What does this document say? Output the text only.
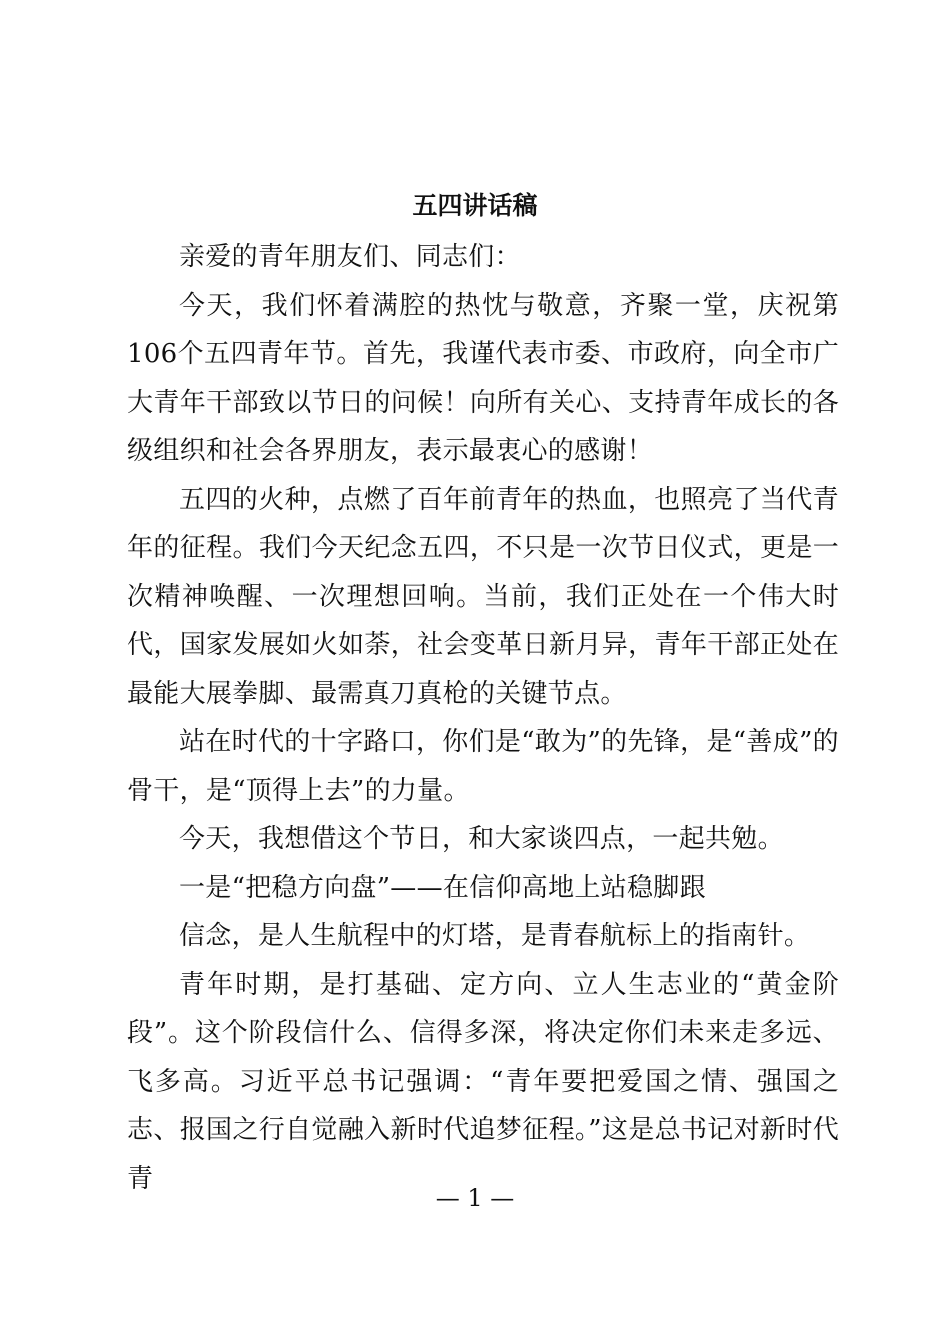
五四讲话稿

亲爱的青年朋友们、同志们：

今天，我们怀着满腔的热忱与敬意，齐聚一堂，庆祝第106个五四青年节。首先，我谨代表市委、市政府，向全市广大青年干部致以节日的问候！向所有关心、支持青年成长的各级组织和社会各界朋友，表示最衷心的感谢！

五四的火种，点燃了百年前青年的热血，也照亮了当代青年的征程。我们今天纪念五四，不只是一次节日仪式，更是一次精神唤醒、一次理想回响。当前，我们正处在一个伟大时代，国家发展如火如荼，社会变革日新月异，青年干部正处在最能大展拳脚、最需真刀真枪的关键节点。

站在时代的十字路口，你们是“敢为”的先锋，是“善成”的骨干，是“顶得上去”的力量。

今天，我想借这个节日，和大家谈四点，一起共勉。

一是“把稳方向盘”——在信仰高地上站稳脚跟

信念，是人生航程中的灯塔，是青春航标上的指南针。

青年时期，是打基础、定方向、立人生志业的“黄金阶段”。这个阶段信什么、信得多深，将决定你们未来走多远、飞多高。习近平总书记强调：“青年要把爱国之情、强国之志、报国之行自觉融入新时代追梦征程。”这是总书记对新时代青

— 1 —
